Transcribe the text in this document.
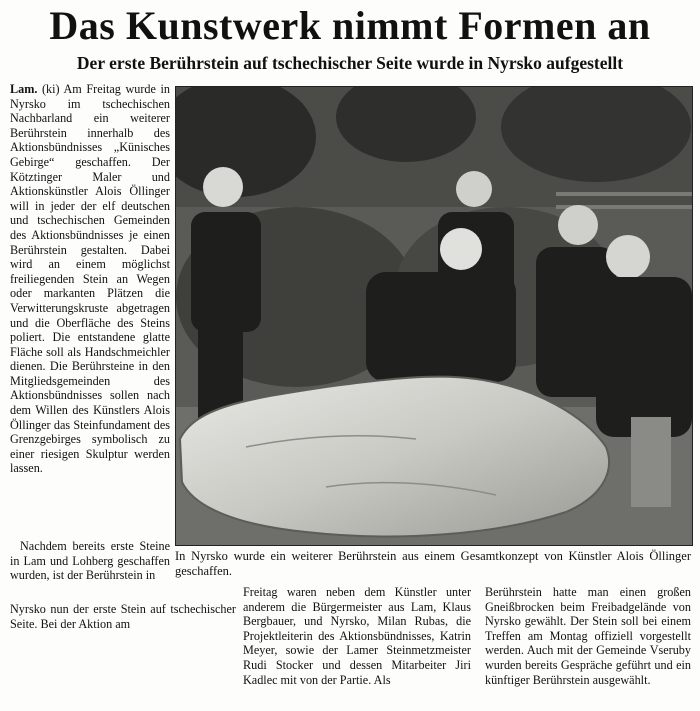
Das Kunstwerk nimmt Formen an
Der erste Berührstein auf tschechischer Seite wurde in Nyrsko aufgestellt

Lam. (ki) Am Freitag wurde in Nyrsko im tschechischen Nachbarland ein weiterer Berührstein innerhalb des Aktionsbündnisses „Künisches Gebirge“ geschaffen. Der Kötztinger Maler und Aktionskünstler Alois Öllinger will in jeder der elf deutschen und tschechischen Gemeinden des Aktionsbündnisses je einen Berührstein gestalten. Dabei wird an einem möglichst freiliegenden Stein an Wegen oder markanten Plätzen die Verwitterungskruste abgetragen und die Oberfläche des Steins poliert. Die entstandene glatte Fläche soll als Handschmeichler dienen. Die Berührsteine in den Mitgliedsgemeinden des Aktionsbündnisses sollen nach dem Willen des Künstlers Alois Öllinger das Steinfundament des Grenzgebirges symbolisch zu einer riesigen Skulptur werden lassen.

Nachdem bereits erste Steine in Lam und Lohberg geschaffen wurden, ist der Berührstein in

Nyrsko nun der erste Stein auf tschechischer Seite. Bei der Aktion am

Freitag waren neben dem Künstler unter anderem die Bürgermeister aus Lam, Klaus Bergbauer, und Nyrsko, Milan Rubas, die Projektleiterin des Aktionsbündnisses, Katrin Meyer, sowie der Lamer Steinmetzmeister Rudi Stocker und dessen Mitarbeiter Jiri Kadlec mit von der Partie. Als

Berührstein hatte man einen großen Gneißbrocken beim Freibadgelände von Nyrsko gewählt. Der Stein soll bei einem Treffen am Montag offiziell vorgestellt werden. Auch mit der Gemeinde Vseruby wurden bereits Gespräche geführt und ein künftiger Berührstein ausgewählt.

In Nyrsko wurde ein weiterer Berührstein aus einem Gesamtkonzept von Künstler Alois Öllinger geschaffen.
